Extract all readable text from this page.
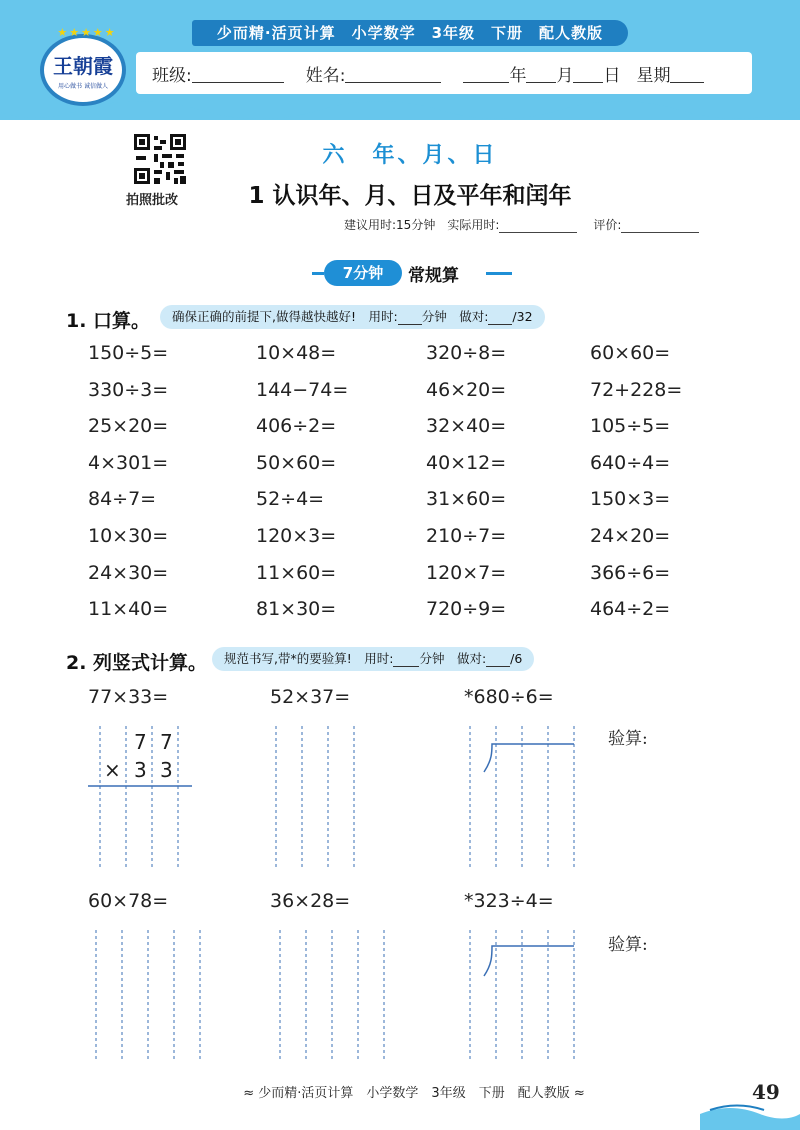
★★★★★
王朝霞
用心做书 诚信做人
少而精·活页计算　小学数学　3年级　下册　配人教版
班级:	姓名:	年 月 日 星期
拍照批改
六　年、月、日
1 认识年、月、日及平年和闰年
建议用时:15分钟　实际用时:	评价:
7分钟	常规算
1. 口算。	确保正确的前提下,做得越快越好!　用时: 分钟　做对: /32
150÷5=	10×48=	320÷8=	60×60=
330÷3=	144−74=	46×20=	72+228=
25×20=	406÷2=	32×40=	105÷5=
4×301=	50×60=	40×12=	640÷4=
84÷7=	52÷4=	31×60=	150×3=
10×30=	120×3=	210÷7=	24×20=
24×30=	11×60=	120×7=	366÷6=
11×40=	81×30=	720÷9=	464÷2=
2. 列竖式计算。	规范书写,带*的要验算!　用时: 分钟　做对: /6
77×33=	52×37=	*680÷6=
验算:
60×78=	36×28=	*323÷4=
验算:
7 7
× 3 3
≈ 少而精·活页计算　小学数学　3年级　下册　配人教版 ≈	49
